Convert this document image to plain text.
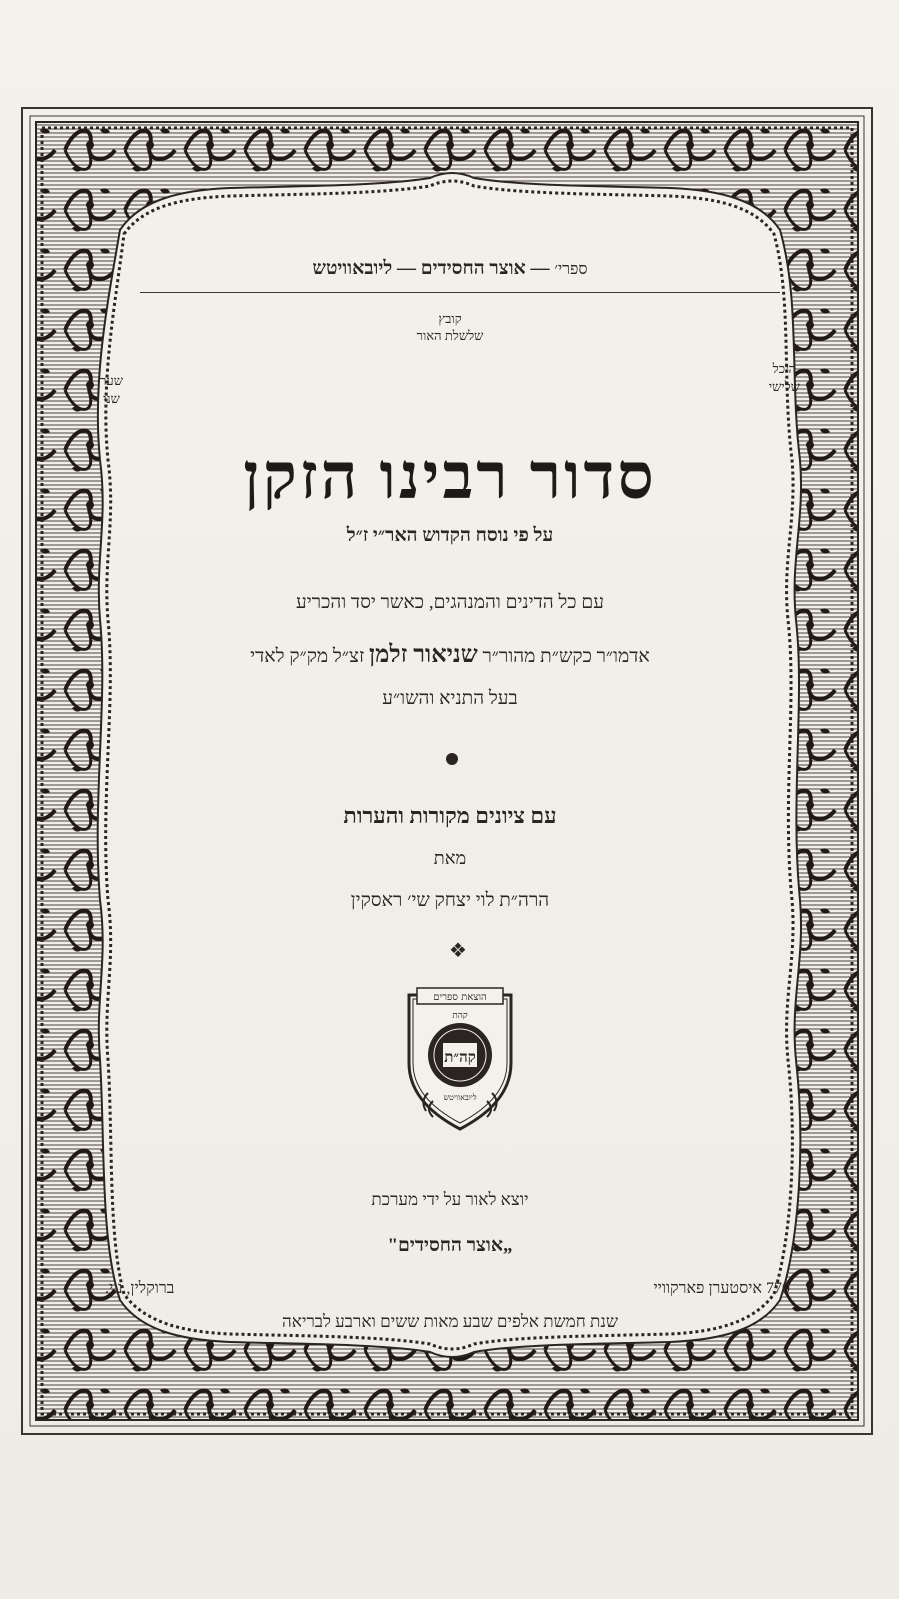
ספרי׳ — אוצר החסידים — ליובאוויטש
קובץ
שלשלת האור
היכל
שלישי
שער
שני
סדור רבינו הזקן
על פי נוסח הקדוש האר״י ז״ל
עם כל הדינים והמנהגים, כאשר יסד והכריע
אדמו״ר כקש״ת מהור״ר שניאור זלמן זצ״ל מק״ק לאדי
בעל התניא והשו״ע
עם ציונים מקורות והערות
מאת
הרה״ת לוי יצחק שי׳ ראסקין
❖
הוצאת ספרים
קהת
קה״ת
ליובאוויטש
יוצא לאור על ידי מערכת
„אוצר החסידים"
770 איסטערן פארקוויי
ברוקלין, נ.י.
שנת חמשת אלפים שבע מאות ששים וארבע לבריאה
